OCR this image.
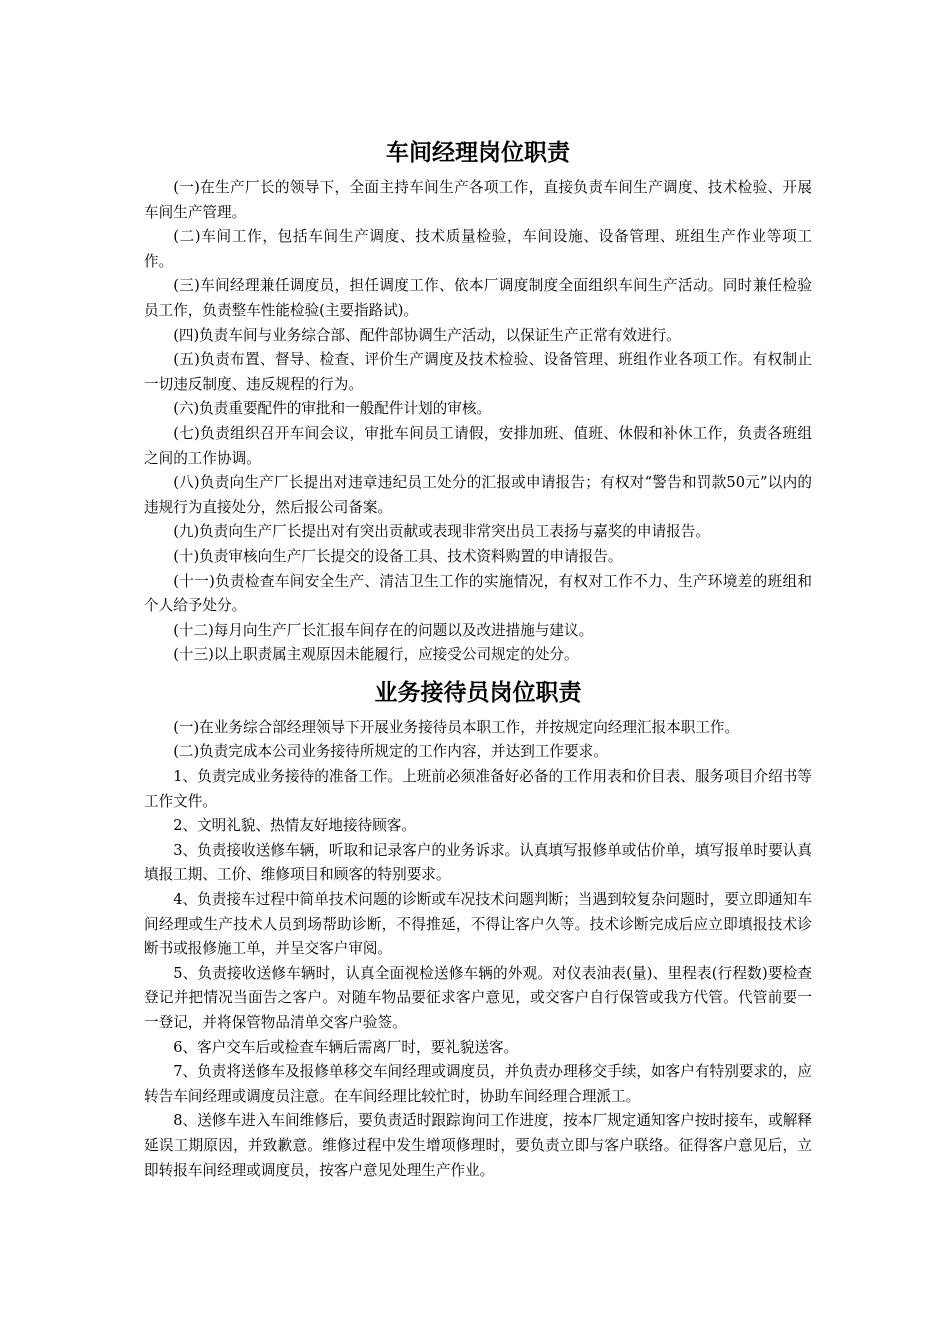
车间经理岗位职责

(一)在生产厂长的领导下，全面主持车间生产各项工作，直接负责车间生产调度、技术检验、开展车间生产管理。

(二)车间工作，包括车间生产调度、技术质量检验，车间设施、设备管理、班组生产作业等项工作。

(三)车间经理兼任调度员，担任调度工作、依本厂调度制度全面组织车间生产活动。同时兼任检验员工作，负责整车性能检验(主要指路试)。

(四)负责车间与业务综合部、配件部协调生产活动，以保证生产正常有效进行。

(五)负责布置、督导、检查、评价生产调度及技术检验、设备管理、班组作业各项工作。有权制止一切违反制度、违反规程的行为。

(六)负责重要配件的审批和一般配件计划的审核。

(七)负责组织召开车间会议，审批车间员工请假，安排加班、值班、休假和补休工作，负责各班组之间的工作协调。

(八)负责向生产厂长提出对违章违纪员工处分的汇报或申请报告；有权对“警告和罚款50元”以内的违规行为直接处分，然后报公司备案。

(九)负责向生产厂长提出对有突出贡献或表现非常突出员工表扬与嘉奖的申请报告。

(十)负责审核向生产厂长提交的设备工具、技术资料购置的申请报告。

(十一)负责检查车间安全生产、清洁卫生工作的实施情况，有权对工作不力、生产环境差的班组和个人给予处分。

(十二)每月向生产厂长汇报车间存在的问题以及改进措施与建议。

(十三)以上职责属主观原因未能履行，应接受公司规定的处分。

业务接待员岗位职责

(一)在业务综合部经理领导下开展业务接待员本职工作，并按规定向经理汇报本职工作。

(二)负责完成本公司业务接待所规定的工作内容，并达到工作要求。

1、负责完成业务接待的准备工作。上班前必须准备好必备的工作用表和价目表、服务项目介绍书等工作文件。

2、文明礼貌、热情友好地接待顾客。

3、负责接收送修车辆，听取和记录客户的业务诉求。认真填写报修单或估价单，填写报单时要认真填报工期、工价、维修项目和顾客的特别要求。

4、负责接车过程中简单技术问题的诊断或车况技术问题判断；当遇到较复杂问题时，要立即通知车间经理或生产技术人员到场帮助诊断，不得推延，不得让客户久等。技术诊断完成后应立即填报技术诊断书或报修施工单，并呈交客户审阅。

5、负责接收送修车辆时，认真全面视检送修车辆的外观。对仪表油表(量)、里程表(行程数)要检查登记并把情况当面告之客户。对随车物品要征求客户意见，或交客户自行保管或我方代管。代管前要一一登记，并将保管物品清单交客户验签。

6、客户交车后或检查车辆后需离厂时，要礼貌送客。

7、负责将送修车及报修单移交车间经理或调度员，并负责办理移交手续，如客户有特别要求的，应转告车间经理或调度员注意。在车间经理比较忙时，协助车间经理合理派工。

8、送修车进入车间维修后，要负责适时跟踪询问工作进度，按本厂规定通知客户按时接车，或解释延误工期原因，并致歉意。维修过程中发生增项修理时，要负责立即与客户联络。征得客户意见后，立即转报车间经理或调度员，按客户意见处理生产作业。
